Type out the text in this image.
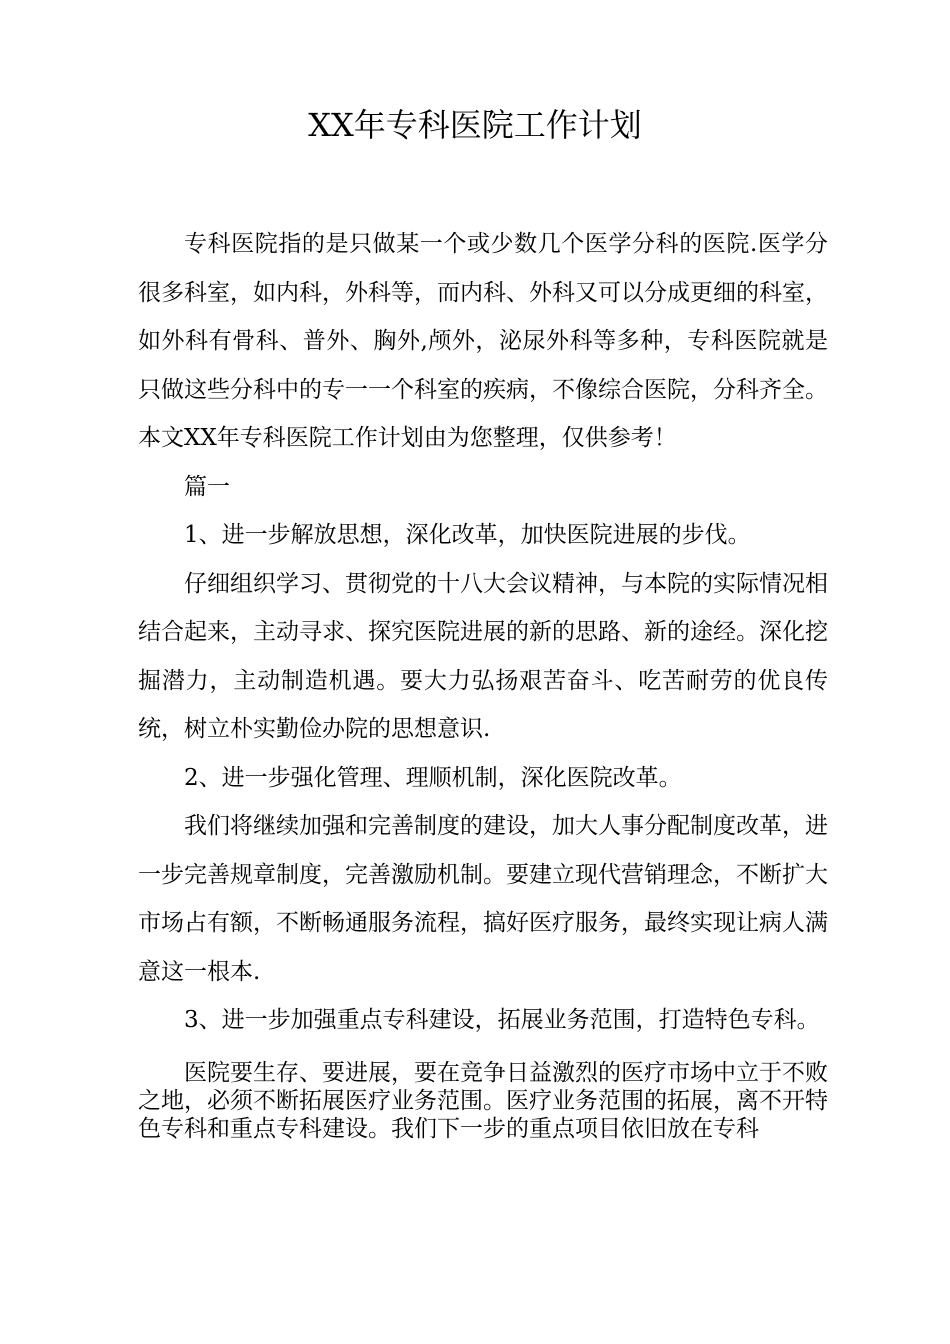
XX年专科医院工作计划

专科医院指的是只做某一个或少数几个医学分科的医院.医学分很多科室，如内科，外科等，而内科、外科又可以分成更细的科室，如外科有骨科、普外、胸外,颅外，泌尿外科等多种，专科医院就是只做这些分科中的专一一个科室的疾病，不像综合医院，分科齐全。本文XX年专科医院工作计划由为您整理，仅供参考！

篇一

1、进一步解放思想，深化改革，加快医院进展的步伐。

仔细组织学习、贯彻党的十八大会议精神，与本院的实际情况相结合起来，主动寻求、探究医院进展的新的思路、新的途经。深化挖掘潜力，主动制造机遇。要大力弘扬艰苦奋斗、吃苦耐劳的优良传统，树立朴实勤俭办院的思想意识.

2、进一步强化管理、理顺机制，深化医院改革。

我们将继续加强和完善制度的建设，加大人事分配制度改革，进一步完善规章制度，完善激励机制。要建立现代营销理念，不断扩大市场占有额，不断畅通服务流程，搞好医疗服务，最终实现让病人满意这一根本.

3、进一步加强重点专科建设，拓展业务范围，打造特色专科。

医院要生存、要进展，要在竞争日益激烈的医疗市场中立于不败之地，必须不断拓展医疗业务范围。医疗业务范围的拓展，离不开特色专科和重点专科建设。我们下一步的重点项目依旧放在专科
